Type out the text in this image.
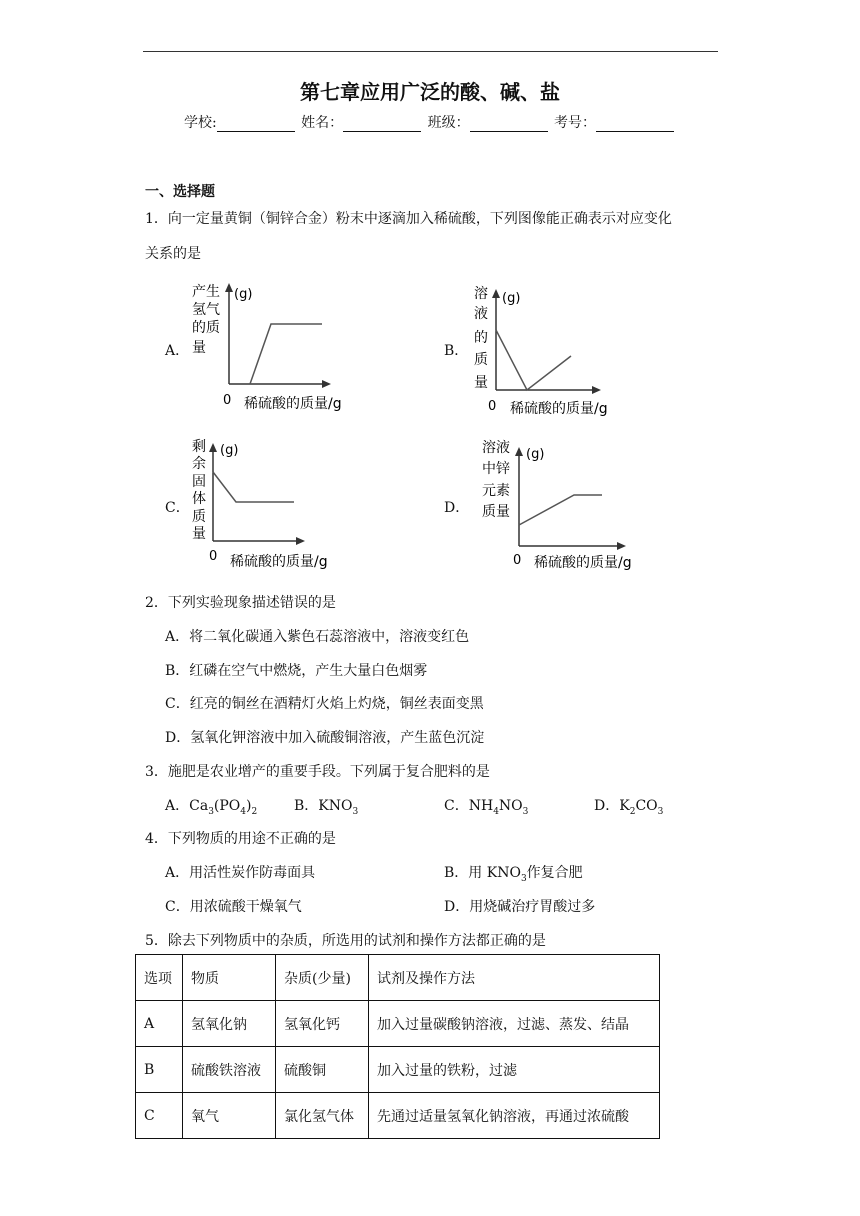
第七章应用广泛的酸、碱、盐
学校:	姓名：	班级：	考号：
一、选择题
1．向一定量黄铜（铜锌合金）粉末中逐滴加入稀硫酸，下列图像能正确表示对应变化
关系的是
A．
产生
氢气
的质
量
(g)
0 稀硫酸的质量/g
B．
溶
液
的
质
量
(g)
0 稀硫酸的质量/g
C．
剩
余
固
体
质
量
(g)
0 稀硫酸的质量/g
D．
溶液
中锌
元素
质量
(g)
0 稀硫酸的质量/g
2．下列实验现象描述错误的是
A．将二氧化碳通入紫色石蕊溶液中，溶液变红色
B．红磷在空气中燃烧，产生大量白色烟雾
C．红亮的铜丝在酒精灯火焰上灼烧，铜丝表面变黑
D．氢氧化钾溶液中加入硫酸铜溶液，产生蓝色沉淀
3．施肥是农业增产的重要手段。下列属于复合肥料的是
A．$Ca_3(PO_4)_2$	B．$KNO_3$	C．$NH_4NO_3$	D．$K_2CO_3$
4．下列物质的用途不正确的是
A．用活性炭作防毒面具	B．用 $KNO_3$作复合肥
C．用浓硫酸干燥氧气	D．用烧碱治疗胃酸过多
5．除去下列物质中的杂质，所选用的试剂和操作方法都正确的是
选项	物质	杂质(少量)	试剂及操作方法
A	氢氧化钠	氢氧化钙	加入过量碳酸钠溶液，过滤、蒸发、结晶
B	硫酸铁溶液	硫酸铜	加入过量的铁粉，过滤
C	氧气	氯化氢气体	先通过适量氢氧化钠溶液，再通过浓硫酸
